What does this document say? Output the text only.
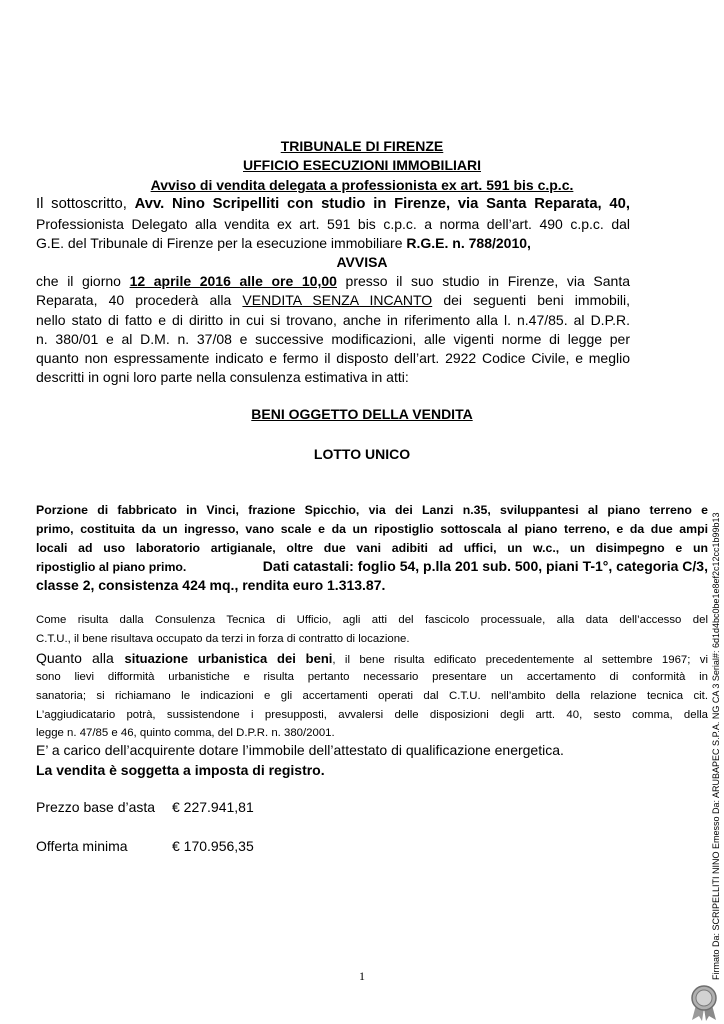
TRIBUNALE DI FIRENZE
UFFICIO ESECUZIONI IMMOBILIARI
Avviso di vendita delegata a professionista ex art. 591 bis c.p.c.
Il sottoscritto, Avv. Nino Scripelliti con studio in Firenze, via Santa Reparata, 40,
Professionista Delegato alla vendita ex art. 591 bis c.p.c. a norma dell’art. 490 c.p.c. dal
G.E. del Tribunale di Firenze per la esecuzione immobiliare R.G.E. n. 788/2010,
AVVISA
che il giorno 12 aprile 2016 alle ore 10,00 presso il suo studio in Firenze, via Santa
Reparata, 40 procederà alla VENDITA SENZA INCANTO dei seguenti beni immobili,
nello stato di fatto e di diritto in cui si trovano, anche in riferimento alla l. n.47/85. al D.P.R.
n. 380/01 e al D.M. n. 37/08 e successive modificazioni, alle vigenti norme di legge per
quanto non espressamente indicato e fermo il disposto dell’art. 2922 Codice Civile, e meglio
descritti in ogni loro parte nella consulenza estimativa in atti:
BENI OGGETTO DELLA VENDITA
LOTTO UNICO
Porzione di fabbricato in Vinci, frazione Spicchio, via dei Lanzi n.35, sviluppantesi al piano terreno e
primo, costituita da un ingresso, vano scale e da un ripostiglio sottoscala al piano terreno, e da due ampi
locali ad uso laboratorio artigianale, oltre due vani adibiti ad uffici, un w.c., un disimpegno e un
ripostiglio al piano primo.	Dati catastali: foglio 54, p.lla 201 sub. 500, piani T-1°, categoria C/3,
classe 2, consistenza 424 mq., rendita euro 1.313.87.
Come risulta dalla Consulenza Tecnica di Ufficio, agli atti del fascicolo processuale, alla data dell’accesso del
C.T.U., il bene risultava occupato da terzi in forza di contratto di locazione.
Quanto alla situazione urbanistica dei beni, il bene risulta edificato precedentemente al settembre 1967; vi
sono lievi difformità urbanistiche e risulta pertanto necessario presentare un accertamento di conformità in
sanatoria; si richiamano le indicazioni e gli accertamenti operati dal C.T.U. nell’ambito della relazione tecnica cit.
L’aggiudicatario potrà, sussistendone i presupposti, avvalersi delle disposizioni degli artt. 40, sesto comma, della
legge n. 47/85 e 46, quinto comma, del D.P.R. n. 380/2001.
E’ a carico dell’acquirente dotare l’immobile dell’attestato di qualificazione energetica.
La vendita è soggetta a imposta di registro.
Prezzo base d’asta € 227.941,81
Offerta minima	€ 170.956,35
1	Firmato Da: SCRIPELLITI NINO Emesso Da: ARUBAPEC S.P.A. NG CA 3 Serial#: 6d1d4bc0be1e8ef2c12cc1b99b13
